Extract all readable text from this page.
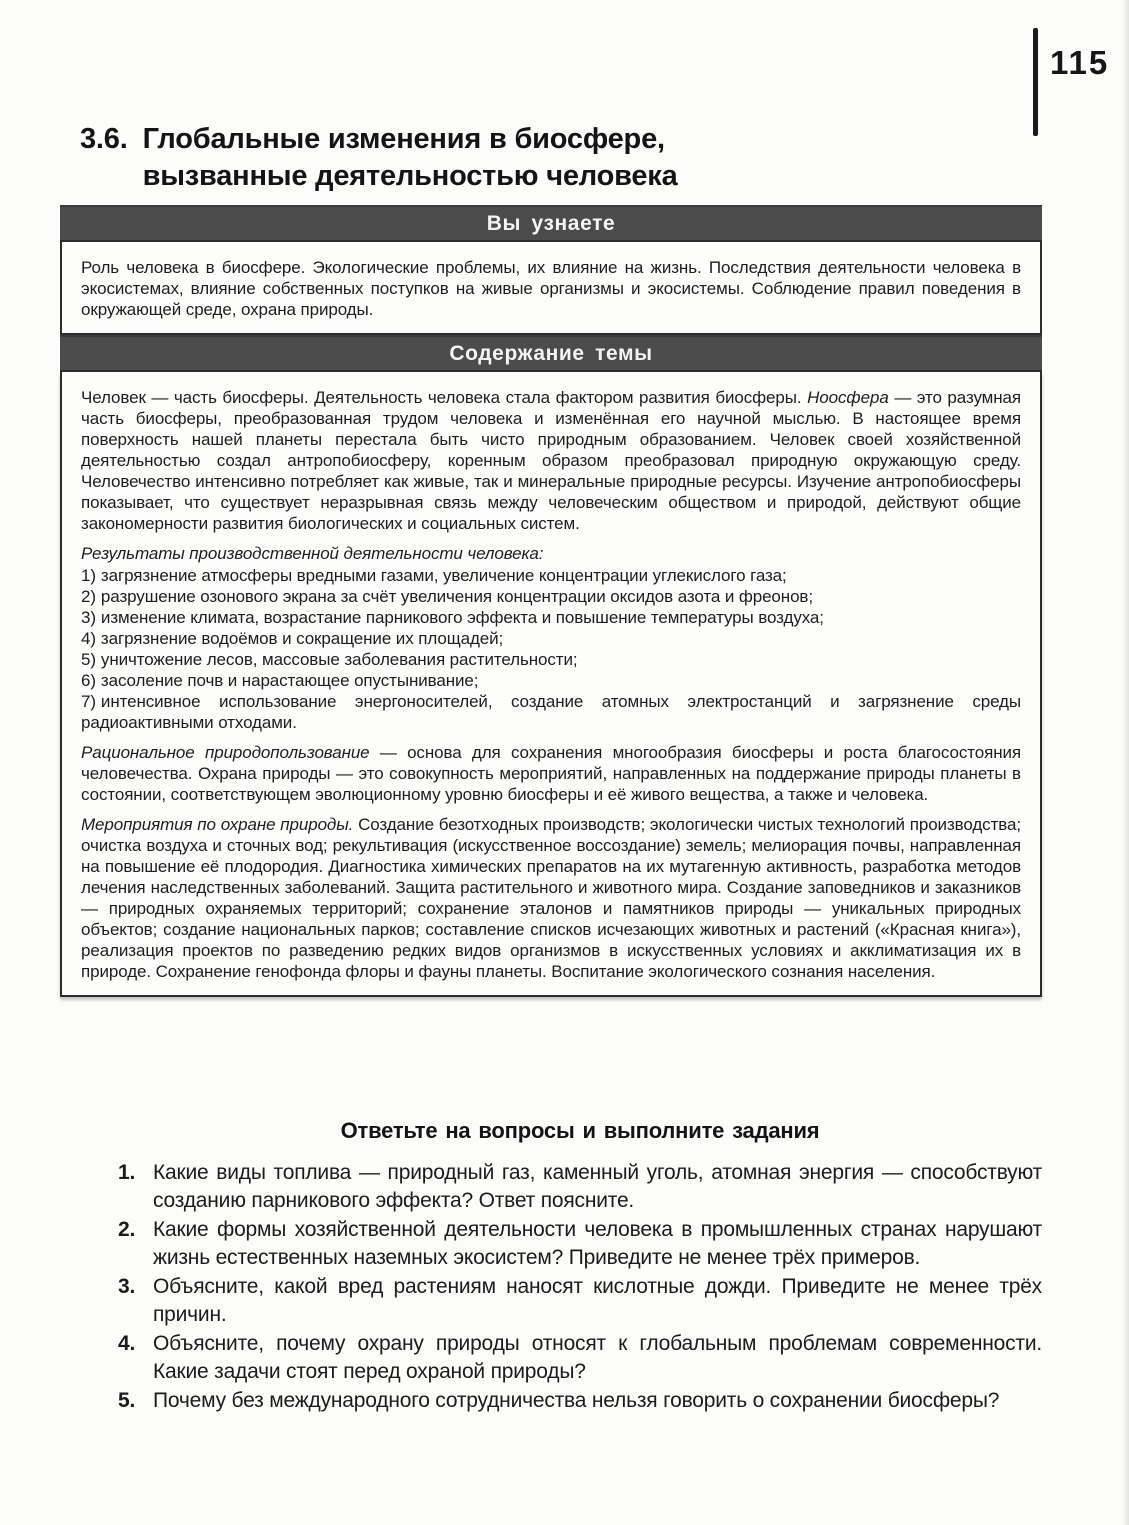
115
3.6. Глобальные изменения в биосфере,
вызванные деятельностью человека
Вы узнаете

Роль человека в биосфере. Экологические проблемы, их влияние на жизнь. Последствия деятельности человека в экосистемах, влияние собственных поступков на живые организмы и экосистемы. Соблюдение правил поведения в окружающей среде, охрана природы.

Содержание темы

Человек — часть биосферы. Деятельность человека стала фактором развития биосферы. Ноосфера — это разумная часть биосферы, преобразованная трудом человека и изменённая его научной мыслью. В настоящее время поверхность нашей планеты перестала быть чисто природным образованием. Человек своей хозяйственной деятельностью создал антропобиосферу, коренным образом преобразовал природную окружающую среду. Человечество интенсивно потребляет как живые, так и минеральные природные ресурсы. Изучение антропобиосферы показывает, что существует неразрывная связь между человеческим обществом и природой, действуют общие закономерности развития биологических и социальных систем.

Результаты производственной деятельности человека:

1) загрязнение атмосферы вредными газами, увеличение концентрации углекислого газа;

2) разрушение озонового экрана за счёт увеличения концентрации оксидов азота и фреонов;

3) изменение климата, возрастание парникового эффекта и повышение температуры воздуха;

4) загрязнение водоёмов и сокращение их площадей;

5) уничтожение лесов, массовые заболевания растительности;

6) засоление почв и нарастающее опустынивание;

7) интенсивное использование энергоносителей, создание атомных электростанций и загрязнение среды радиоактивными отходами.

Рациональное природопользование — основа для сохранения многообразия биосферы и роста благосостояния человечества. Охрана природы — это совокупность мероприятий, направленных на поддержание природы планеты в состоянии, соответствующем эволюционному уровню биосферы и её живого вещества, а также и человека.

Мероприятия по охране природы. Создание безотходных производств; экологически чистых технологий производства; очистка воздуха и сточных вод; рекультивация (искусственное воссоздание) земель; мелиорация почвы, направленная на повышение её плодородия. Диагностика химических препаратов на их мутагенную активность, разработка методов лечения наследственных заболеваний. Защита растительного и животного мира. Создание заповедников и заказников — природных охраняемых территорий; сохранение эталонов и памятников природы — уникальных природных объектов; создание национальных парков; составление списков исчезающих животных и растений («Красная книга»), реализация проектов по разведению редких видов организмов в искусственных условиях и акклиматизация их в природе. Сохранение генофонда флоры и фауны планеты. Воспитание экологического сознания населения.

Ответьте на вопросы и выполните задания
1. Какие виды топлива — природный газ, каменный уголь, атомная энергия — способствуют созданию парникового эффекта? Ответ поясните.
2. Какие формы хозяйственной деятельности человека в промышленных странах нарушают жизнь естественных наземных экосистем? Приведите не менее трёх примеров.
3. Объясните, какой вред растениям наносят кислотные дожди. Приведите не менее трёх причин.
4. Объясните, почему охрану природы относят к глобальным проблемам современности. Какие задачи стоят перед охраной природы?
5. Почему без международного сотрудничества нельзя говорить о сохранении биосферы?
